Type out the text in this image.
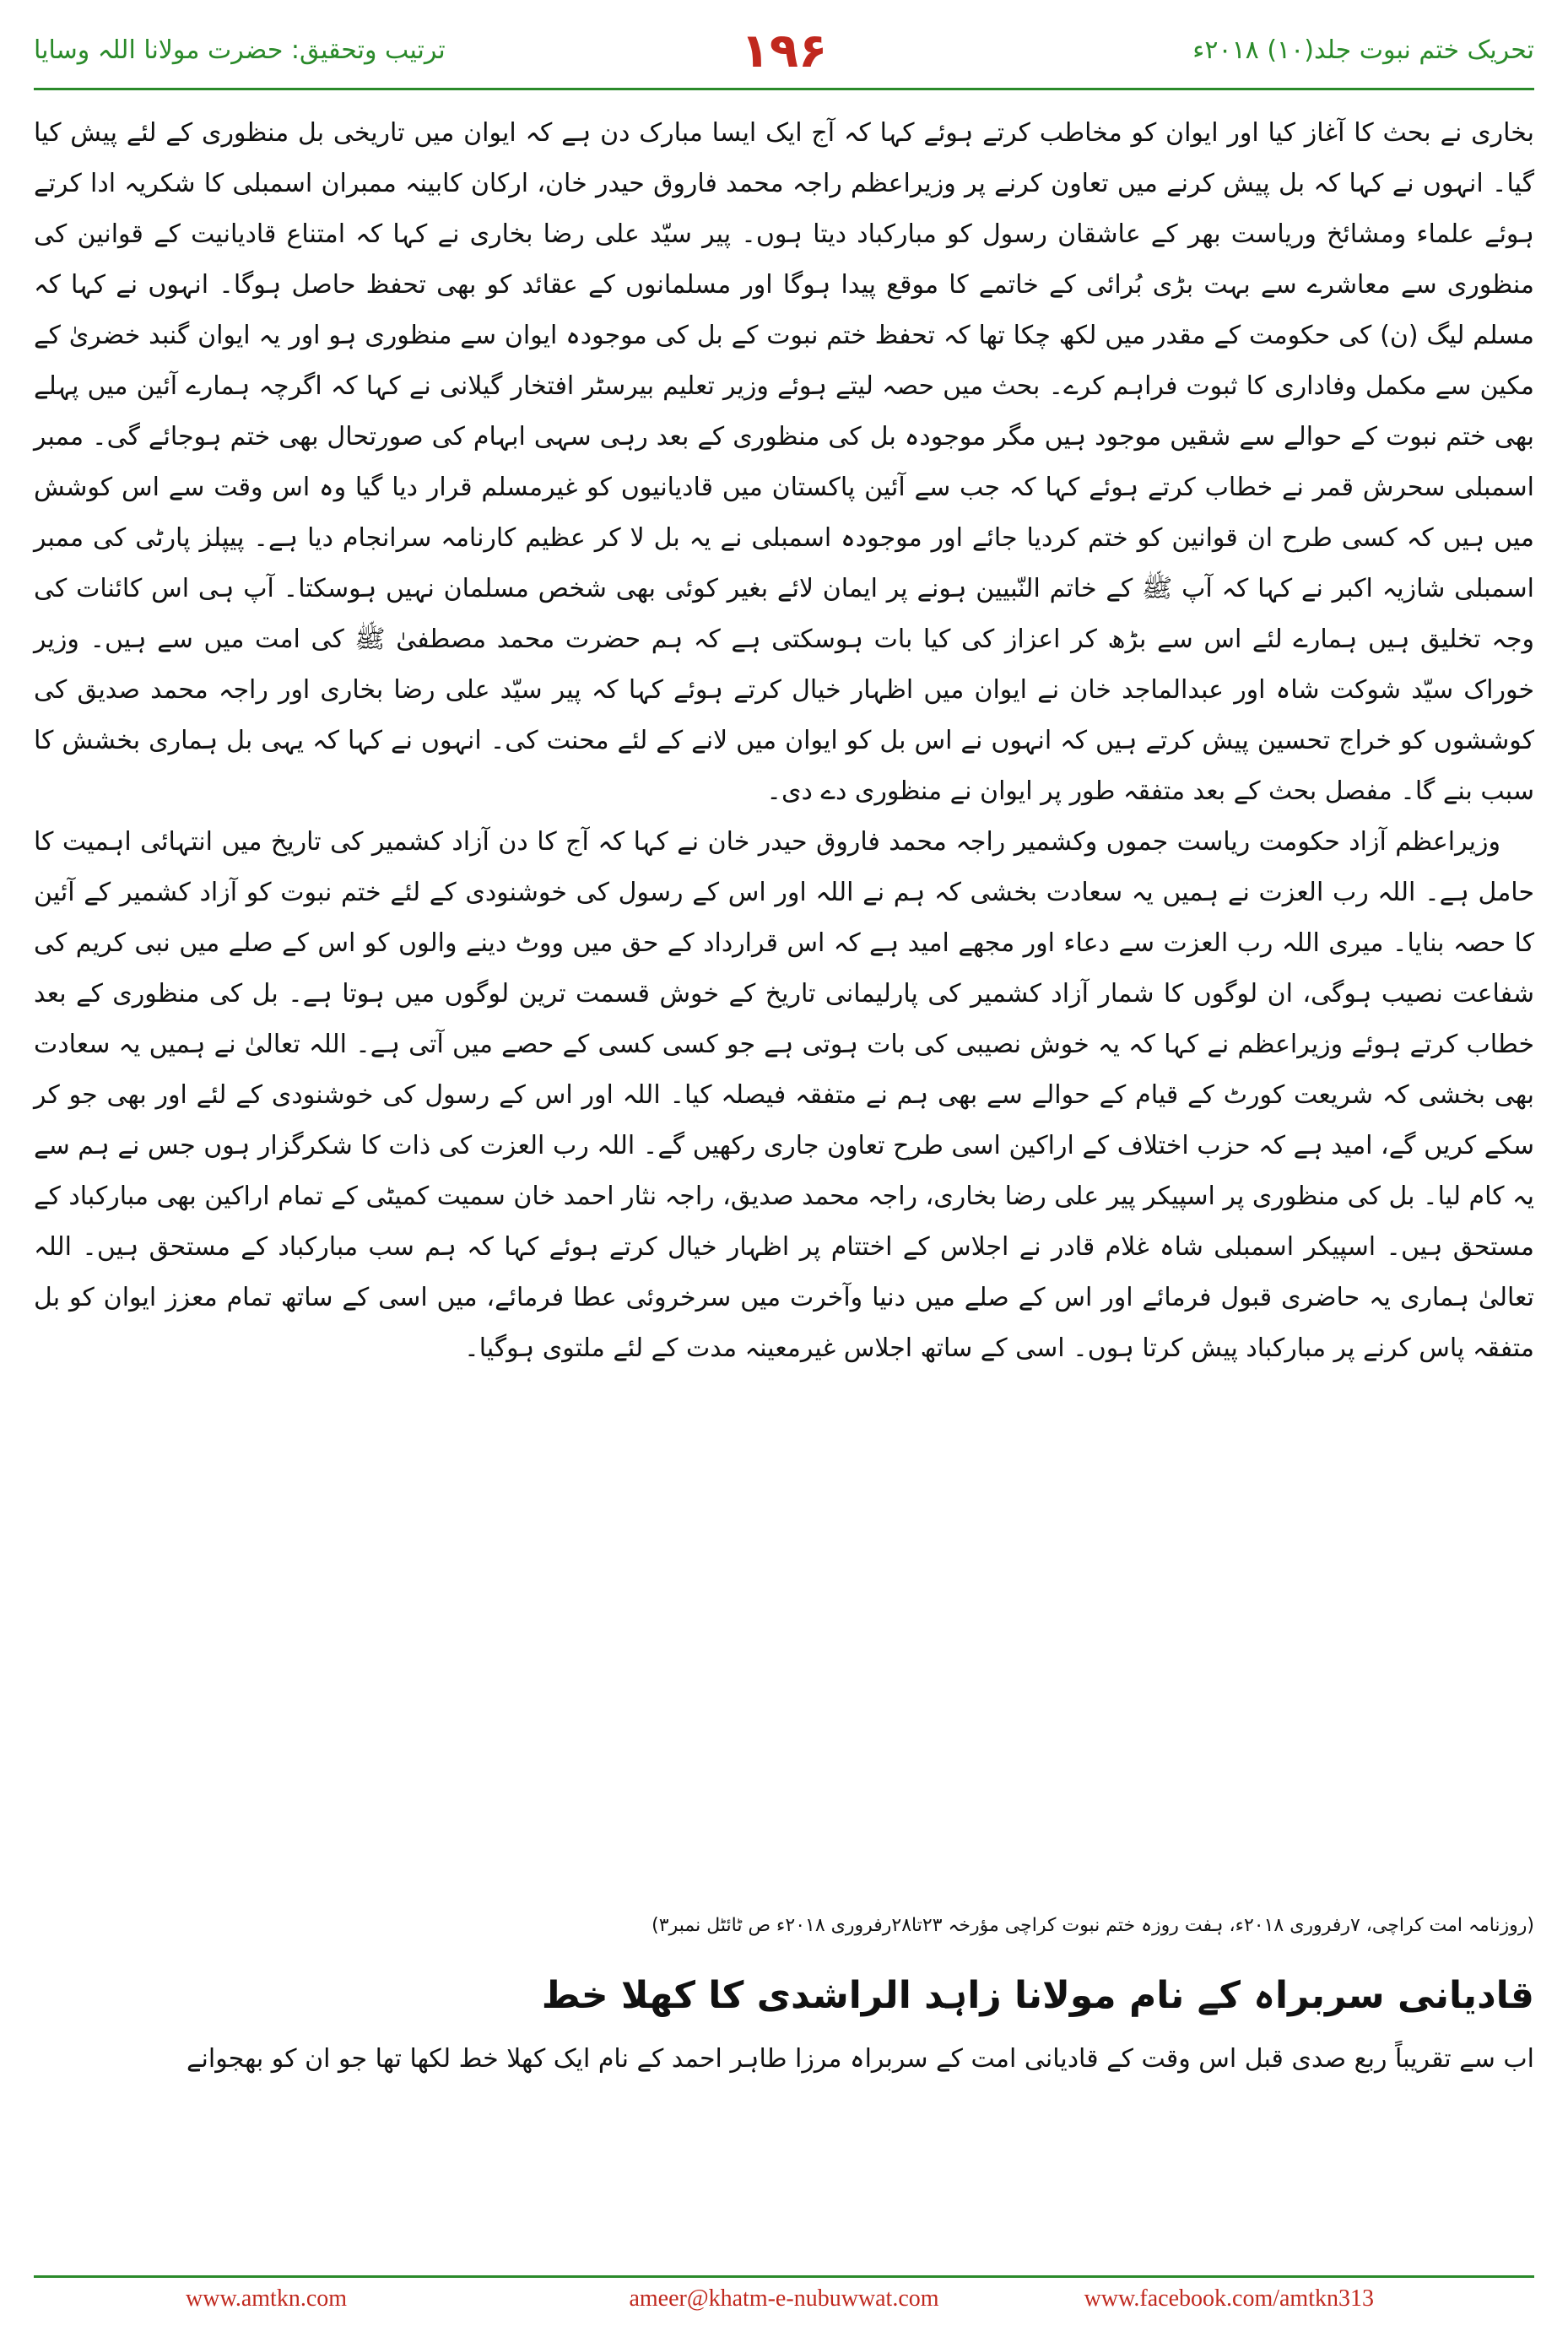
ترتیب وتحقیق: حضرت مولانا اللہ وسایا	۱۹۶	تحریک ختم نبوت جلد(۱۰) ۲۰۱۸ء

بخاری نے بحث کا آغاز کیا اور ایوان کو مخاطب کرتے ہوئے کہا کہ آج ایک ایسا مبارک دن ہے کہ ایوان میں تاریخی بل منظوری کے لئے پیش کیا گیا۔ انہوں نے کہا کہ بل پیش کرنے میں تعاون کرنے پر وزیراعظم راجہ محمد فاروق حیدر خان، ارکان کابینہ ممبران اسمبلی کا شکریہ ادا کرتے ہوئے علماء ومشائخ وریاست بھر کے عاشقان رسول کو مبارکباد دیتا ہوں۔ پیر سیّد علی رضا بخاری نے کہا کہ امتناع قادیانیت کے قوانین کی منظوری سے معاشرے سے بہت بڑی بُرائی کے خاتمے کا موقع پیدا ہوگا اور مسلمانوں کے عقائد کو بھی تحفظ حاصل ہوگا۔ انہوں نے کہا کہ مسلم لیگ (ن) کی حکومت کے مقدر میں لکھ چکا تھا کہ تحفظ ختم نبوت کے بل کی موجودہ ایوان سے منظوری ہو اور یہ ایوان گنبد خضریٰ کے مکین سے مکمل وفاداری کا ثبوت فراہم کرے۔ بحث میں حصہ لیتے ہوئے وزیر تعلیم بیرسٹر افتخار گیلانی نے کہا کہ اگرچہ ہمارے آئین میں پہلے بھی ختم نبوت کے حوالے سے شقیں موجود ہیں مگر موجودہ بل کی منظوری کے بعد رہی سہی ابہام کی صورتحال بھی ختم ہوجائے گی۔ ممبر اسمبلی سحرش قمر نے خطاب کرتے ہوئے کہا کہ جب سے آئین پاکستان میں قادیانیوں کو غیرمسلم قرار دیا گیا وہ اس وقت سے اس کوشش میں ہیں کہ کسی طرح ان قوانین کو ختم کردیا جائے اور موجودہ اسمبلی نے یہ بل لا کر عظیم کارنامہ سرانجام دیا ہے۔ پیپلز پارٹی کی ممبر اسمبلی شازیہ اکبر نے کہا کہ آپ ﷺ کے خاتم النّبیین ہونے پر ایمان لائے بغیر کوئی بھی شخص مسلمان نہیں ہوسکتا۔ آپ ہی اس کائنات کی وجہ تخلیق ہیں ہمارے لئے اس سے بڑھ کر اعزاز کی کیا بات ہوسکتی ہے کہ ہم حضرت محمد مصطفیٰ ﷺ کی امت میں سے ہیں۔ وزیر خوراک سیّد شوکت شاہ اور عبدالماجد خان نے ایوان میں اظہار خیال کرتے ہوئے کہا کہ پیر سیّد علی رضا بخاری اور راجہ محمد صدیق کی کوششوں کو خراج تحسین پیش کرتے ہیں کہ انہوں نے اس بل کو ایوان میں لانے کے لئے محنت کی۔ انہوں نے کہا کہ یہی بل ہماری بخشش کا سبب بنے گا۔ مفصل بحث کے بعد متفقہ طور پر ایوان نے منظوری دے دی۔

وزیراعظم آزاد حکومت ریاست جموں وکشمیر راجہ محمد فاروق حیدر خان نے کہا کہ آج کا دن آزاد کشمیر کی تاریخ میں انتہائی اہمیت کا حامل ہے۔ اللہ رب العزت نے ہمیں یہ سعادت بخشی کہ ہم نے اللہ اور اس کے رسول کی خوشنودی کے لئے ختم نبوت کو آزاد کشمیر کے آئین کا حصہ بنایا۔ میری اللہ رب العزت سے دعاء اور مجھے امید ہے کہ اس قرارداد کے حق میں ووٹ دینے والوں کو اس کے صلے میں نبی کریم کی شفاعت نصیب ہوگی، ان لوگوں کا شمار آزاد کشمیر کی پارلیمانی تاریخ کے خوش قسمت ترین لوگوں میں ہوتا ہے۔ بل کی منظوری کے بعد خطاب کرتے ہوئے وزیراعظم نے کہا کہ یہ خوش نصیبی کی بات ہوتی ہے جو کسی کسی کے حصے میں آتی ہے۔ اللہ تعالیٰ نے ہمیں یہ سعادت بھی بخشی کہ شریعت کورٹ کے قیام کے حوالے سے بھی ہم نے متفقہ فیصلہ کیا۔ اللہ اور اس کے رسول کی خوشنودی کے لئے اور بھی جو کر سکے کریں گے، امید ہے کہ حزب اختلاف کے اراکین اسی طرح تعاون جاری رکھیں گے۔ اللہ رب العزت کی ذات کا شکرگزار ہوں جس نے ہم سے یہ کام لیا۔ بل کی منظوری پر اسپیکر پیر علی رضا بخاری، راجہ محمد صدیق، راجہ نثار احمد خان سمیت کمیٹی کے تمام اراکین بھی مبارکباد کے مستحق ہیں۔ اسپیکر اسمبلی شاہ غلام قادر نے اجلاس کے اختتام پر اظہار خیال کرتے ہوئے کہا کہ ہم سب مبارکباد کے مستحق ہیں۔ اللہ تعالیٰ ہماری یہ حاضری قبول فرمائے اور اس کے صلے میں دنیا وآخرت میں سرخروئی عطا فرمائے، میں اسی کے ساتھ تمام معزز ایوان کو بل متفقہ پاس کرنے پر مبارکباد پیش کرتا ہوں۔ اسی کے ساتھ اجلاس غیرمعینہ مدت کے لئے ملتوی ہوگیا۔

(روزنامہ امت کراچی، ۷رفروری ۲۰۱۸ء، ہفت روزہ ختم نبوت کراچی مؤرخہ ۲۳تا۲۸رفروری ۲۰۱۸ء ص ٹائٹل نمبر۳)
قادیانی سربراہ کے نام مولانا زاہد الراشدی کا کھلا خط
اب سے تقریباً ربع صدی قبل اس وقت کے قادیانی امت کے سربراہ مرزا طاہر احمد کے نام ایک کھلا خط لکھا تھا جو ان کو بھجوانے
www.amtkn.com	ameer@khatm-e-nubuwwat.com	www.facebook.com/amtkn313
